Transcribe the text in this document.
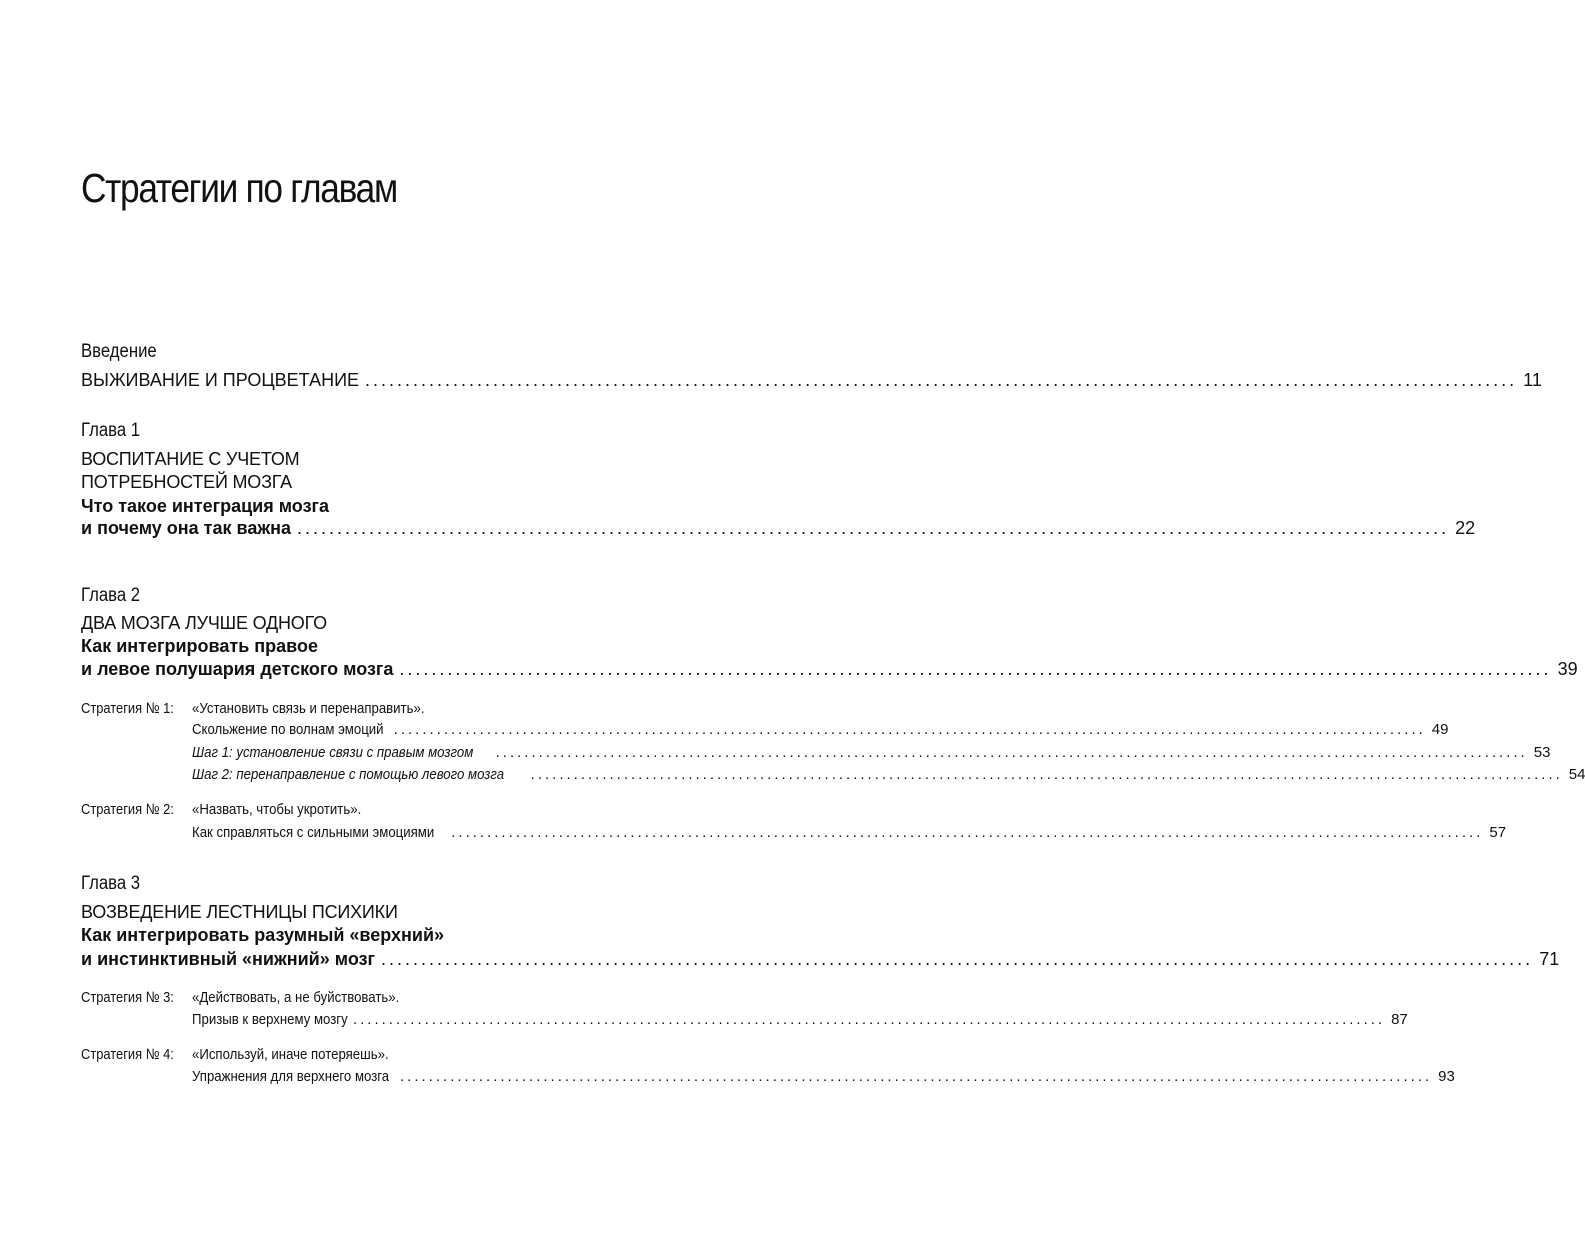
Стратегии по главам
Введение
ВЫЖИВАНИЕ И ПРОЦВЕТАНИЕ ................................................................................................................................................ 11
Глава 1
ВОСПИТАНИЕ С УЧЕТОМ
ПОТРЕБНОСТЕЙ МОЗГА
Что такое интеграция мозга
и почему она так важна ................................................................................................................................................ 22
Глава 2
ДВА МОЗГА ЛУЧШЕ ОДНОГО
Как интегрировать правое
и левое полушария детского мозга ................................................................................................................................................ 39
Стратегия № 1: «Установить связь и перенаправить».
Скольжение по волнам эмоций ................................................................................................................................................ 49
Шаг 1: установление связи с правым мозгом ................................................................................................................................................ 53
Шаг 2: перенаправление с помощью левого мозга ................................................................................................................................................ 54
Стратегия № 2: «Назвать, чтобы укротить».
Как справляться с сильными эмоциями ................................................................................................................................................ 57
Глава 3
ВОЗВЕДЕНИЕ ЛЕСТНИЦЫ ПСИХИКИ
Как интегрировать разумный «верхний»
и инстинктивный «нижний» мозг ................................................................................................................................................ 71
Стратегия № 3: «Действовать, а не буйствовать».
Призыв к верхнему мозгу ................................................................................................................................................ 87
Стратегия № 4: «Используй, иначе потеряешь».
Упражнения для верхнего мозга ................................................................................................................................................ 93
